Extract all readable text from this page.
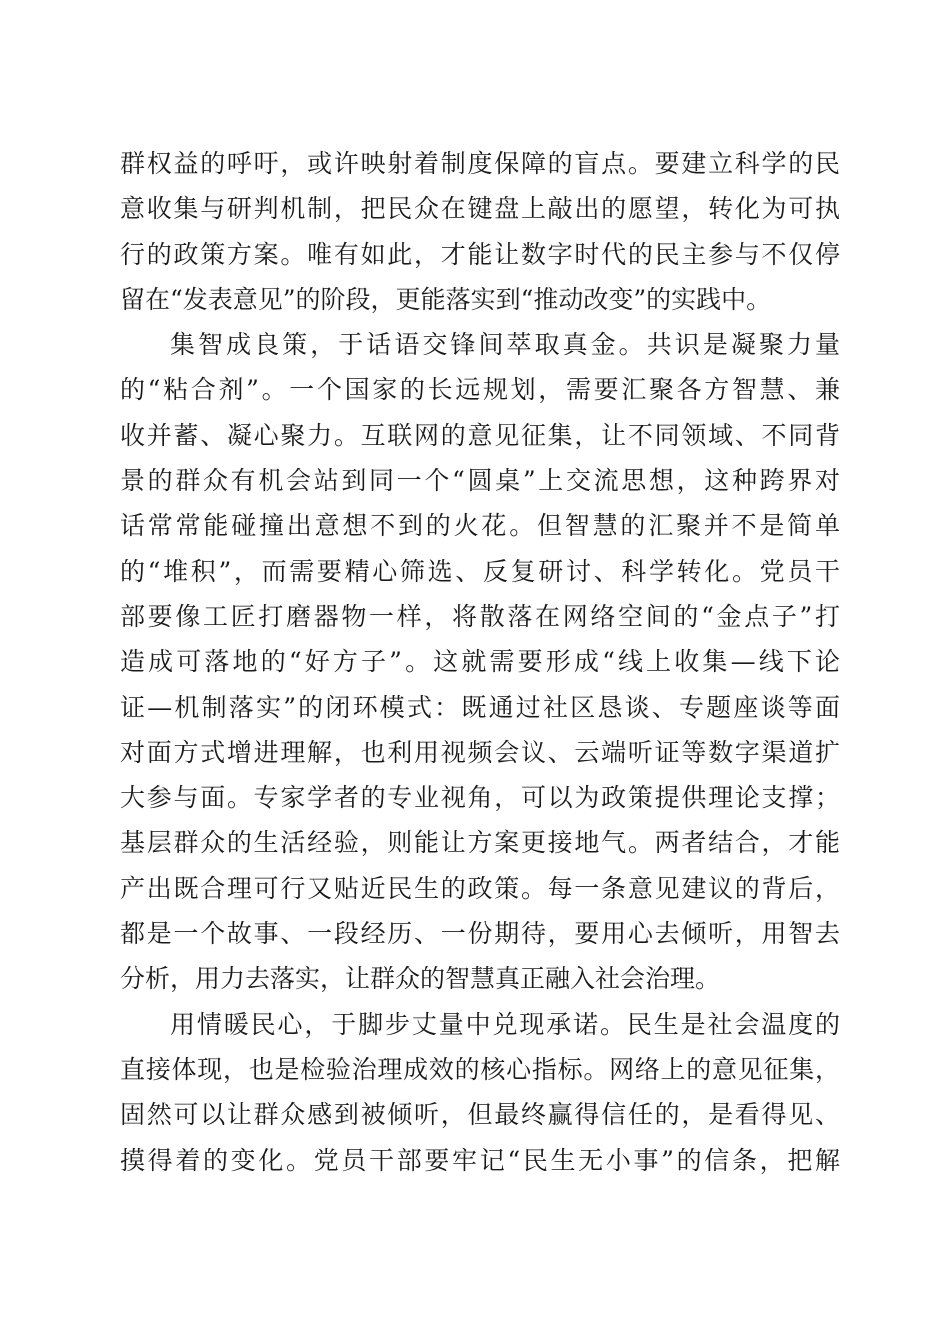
群权益的呼吁，或许映射着制度保障的盲点。要建立科学的民
意收集与研判机制，把民众在键盘上敲出的愿望，转化为可执
行的政策方案。唯有如此，才能让数字时代的民主参与不仅停
留在“发表意见”的阶段，更能落实到“推动改变”的实践中。
集智成良策，于话语交锋间萃取真金。共识是凝聚力量
的“粘合剂”。一个国家的长远规划，需要汇聚各方智慧、兼
收并蓄、凝心聚力。互联网的意见征集，让不同领域、不同背
景的群众有机会站到同一个“圆桌”上交流思想，这种跨界对
话常常能碰撞出意想不到的火花。但智慧的汇聚并不是简单
的“堆积”，而需要精心筛选、反复研讨、科学转化。党员干
部要像工匠打磨器物一样，将散落在网络空间的“金点子”打
造成可落地的“好方子”。这就需要形成“线上收集—线下论
证—机制落实”的闭环模式：既通过社区恳谈、专题座谈等面
对面方式增进理解，也利用视频会议、云端听证等数字渠道扩
大参与面。专家学者的专业视角，可以为政策提供理论支撑；
基层群众的生活经验，则能让方案更接地气。两者结合，才能
产出既合理可行又贴近民生的政策。每一条意见建议的背后，
都是一个故事、一段经历、一份期待，要用心去倾听，用智去
分析，用力去落实，让群众的智慧真正融入社会治理。
用情暖民心，于脚步丈量中兑现承诺。民生是社会温度的
直接体现，也是检验治理成效的核心指标。网络上的意见征集，
固然可以让群众感到被倾听，但最终赢得信任的，是看得见、
摸得着的变化。党员干部要牢记“民生无小事”的信条，把解
